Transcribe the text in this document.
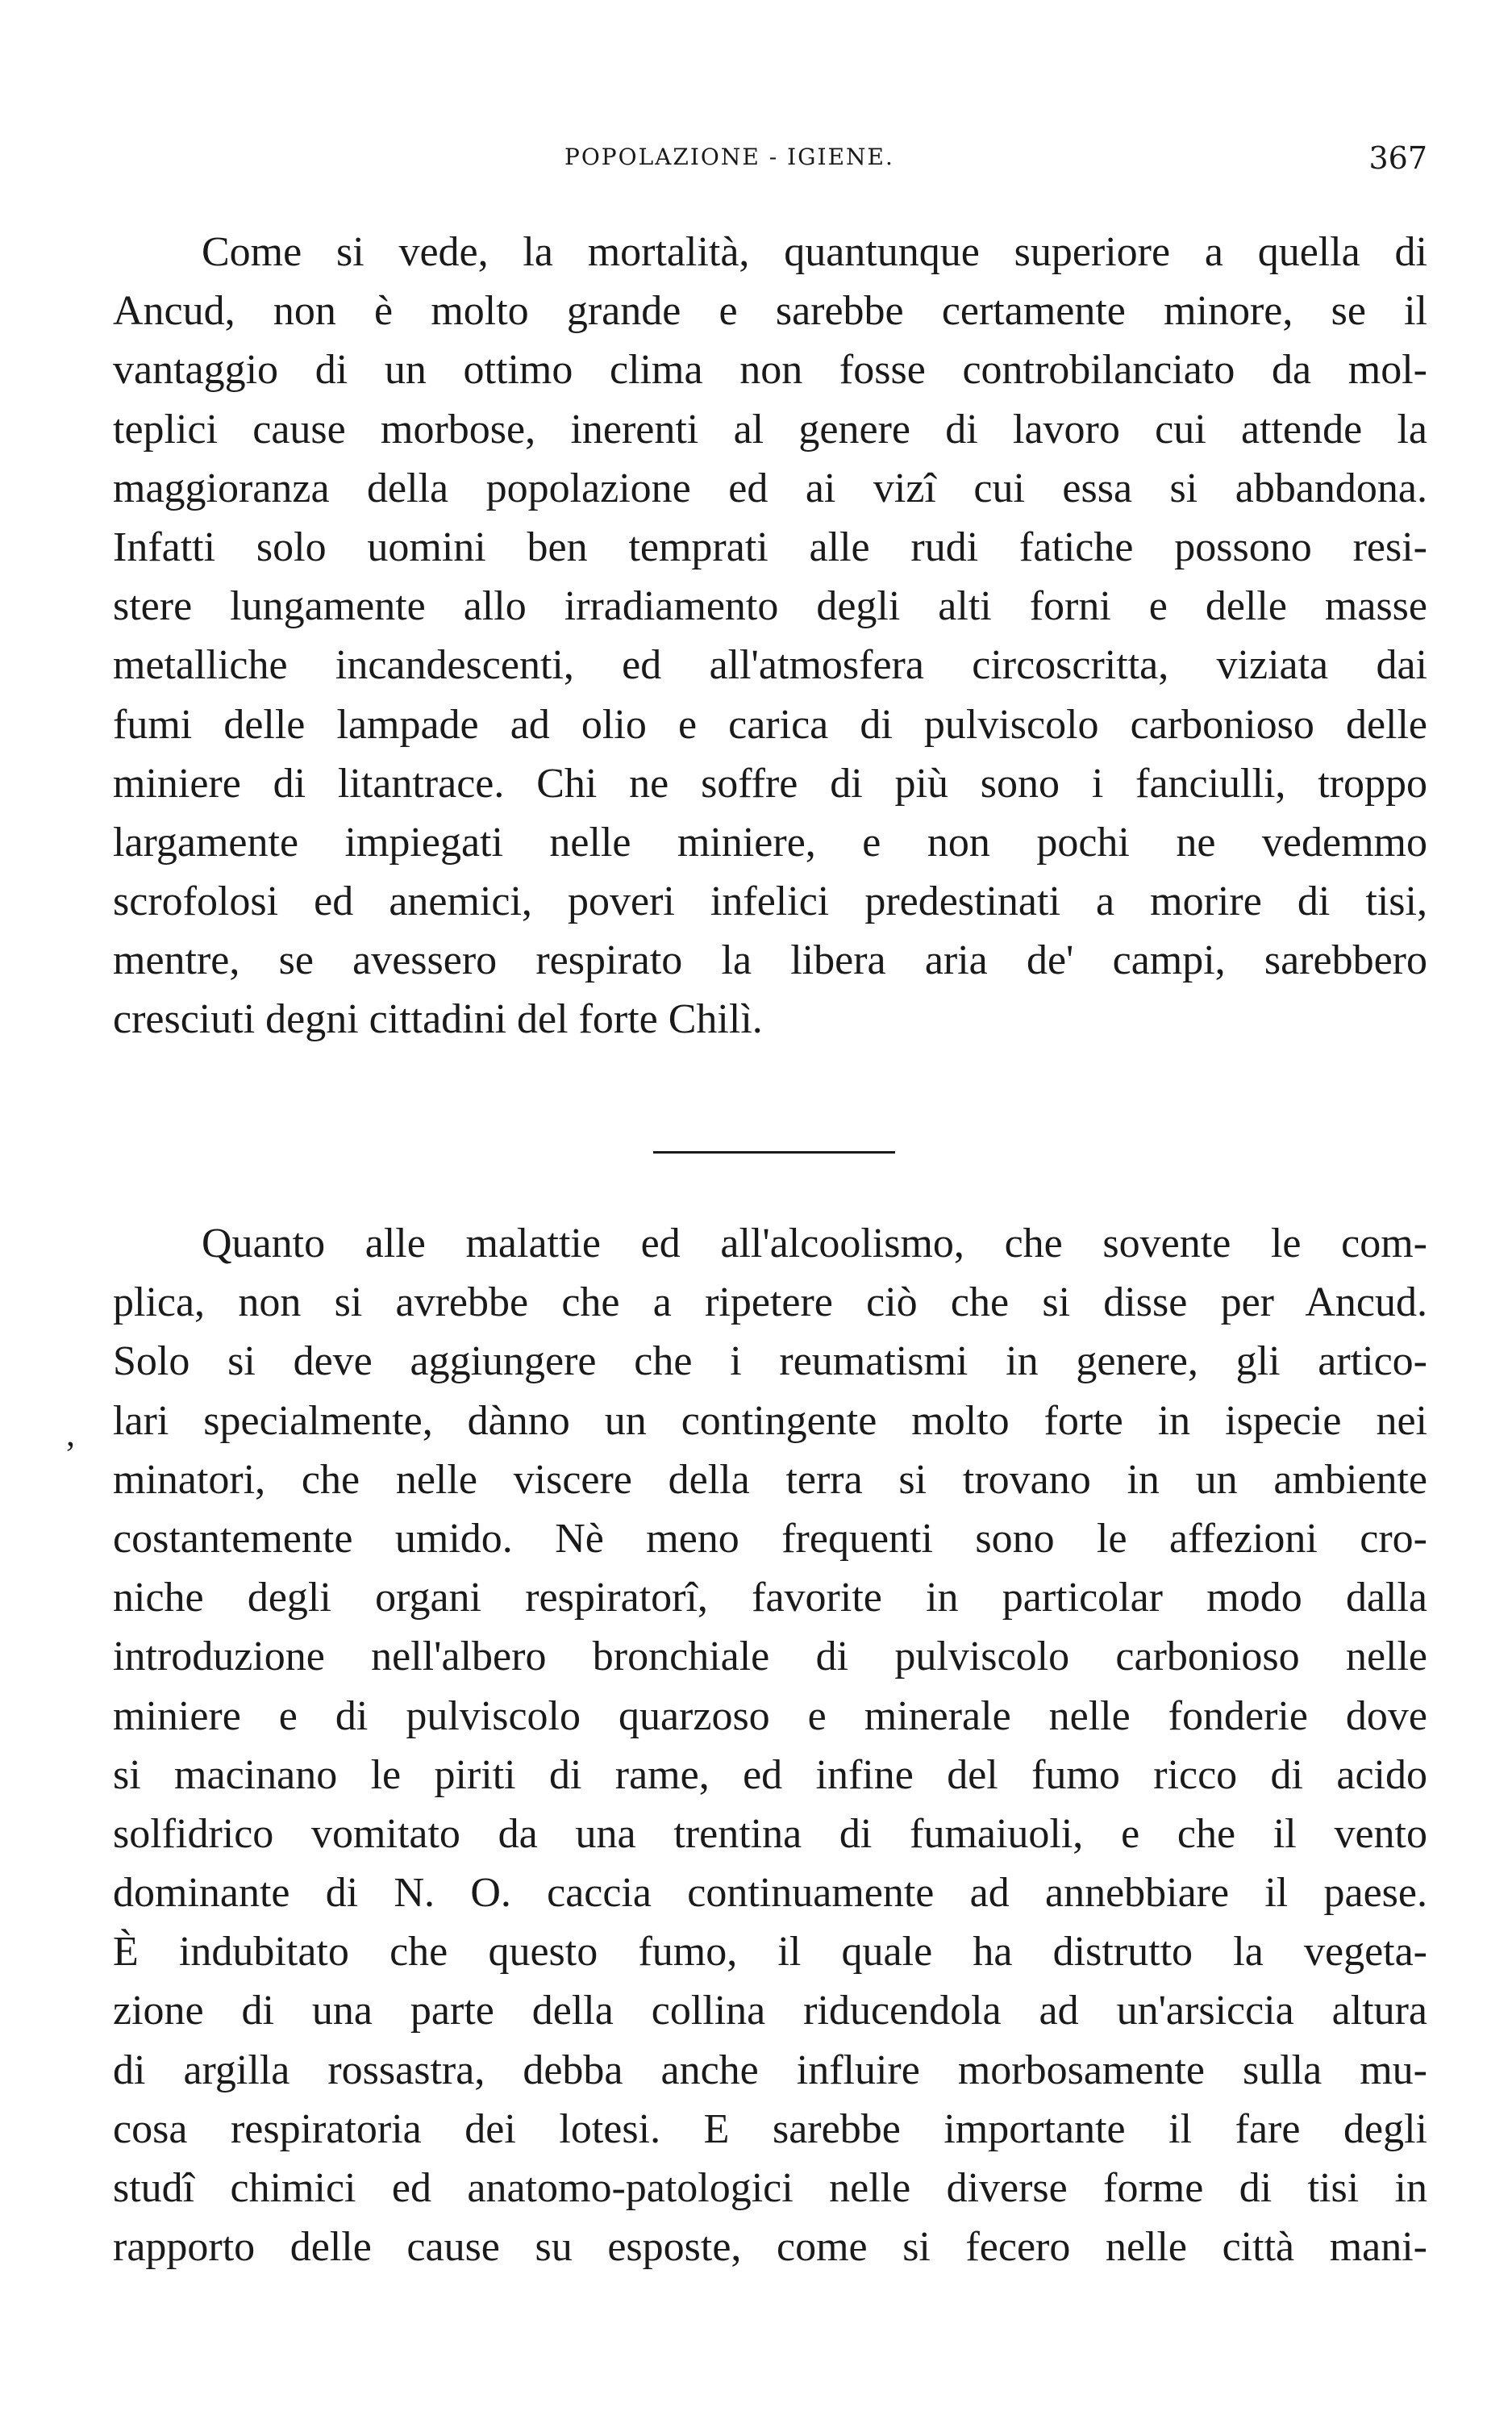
POPOLAZIONE - IGIENE.	367
Come si vede, la mortalità, quantunque superiore a quella di
Ancud, non è molto grande e sarebbe certamente minore, se il
vantaggio di un ottimo clima non fosse controbilanciato da mol-
teplici cause morbose, inerenti al genere di lavoro cui attende la
maggioranza della popolazione ed ai vizî cui essa si abbandona.
Infatti solo uomini ben temprati alle rudi fatiche possono resi-
stere lungamente allo irradiamento degli alti forni e delle masse
metalliche incandescenti, ed all'atmosfera circoscritta, viziata dai
fumi delle lampade ad olio e carica di pulviscolo carbonioso delle
miniere di litantrace. Chi ne soffre di più sono i fanciulli, troppo
largamente impiegati nelle miniere, e non pochi ne vedemmo
scrofolosi ed anemici, poveri infelici predestinati a morire di tisi,
mentre, se avessero respirato la libera aria de' campi, sarebbero
cresciuti degni cittadini del forte Chilì.
,
Quanto alle malattie ed all'alcoolismo, che sovente le com-
plica, non si avrebbe che a ripetere ciò che si disse per Ancud.
Solo si deve aggiungere che i reumatismi in genere, gli artico-
lari specialmente, dànno un contingente molto forte in ispecie nei
minatori, che nelle viscere della terra si trovano in un ambiente
costantemente umido. Nè meno frequenti sono le affezioni cro-
niche degli organi respiratorî, favorite in particolar modo dalla
introduzione nell'albero bronchiale di pulviscolo carbonioso nelle
miniere e di pulviscolo quarzoso e minerale nelle fonderie dove
si macinano le piriti di rame, ed infine del fumo ricco di acido
solfidrico vomitato da una trentina di fumaiuoli, e che il vento
dominante di N. O. caccia continuamente ad annebbiare il paese.
È indubitato che questo fumo, il quale ha distrutto la vegeta-
zione di una parte della collina riducendola ad un'arsiccia altura
di argilla rossastra, debba anche influire morbosamente sulla mu-
cosa respiratoria dei lotesi. E sarebbe importante il fare degli
studî chimici ed anatomo-patologici nelle diverse forme di tisi in
rapporto delle cause su esposte, come si fecero nelle città mani-
